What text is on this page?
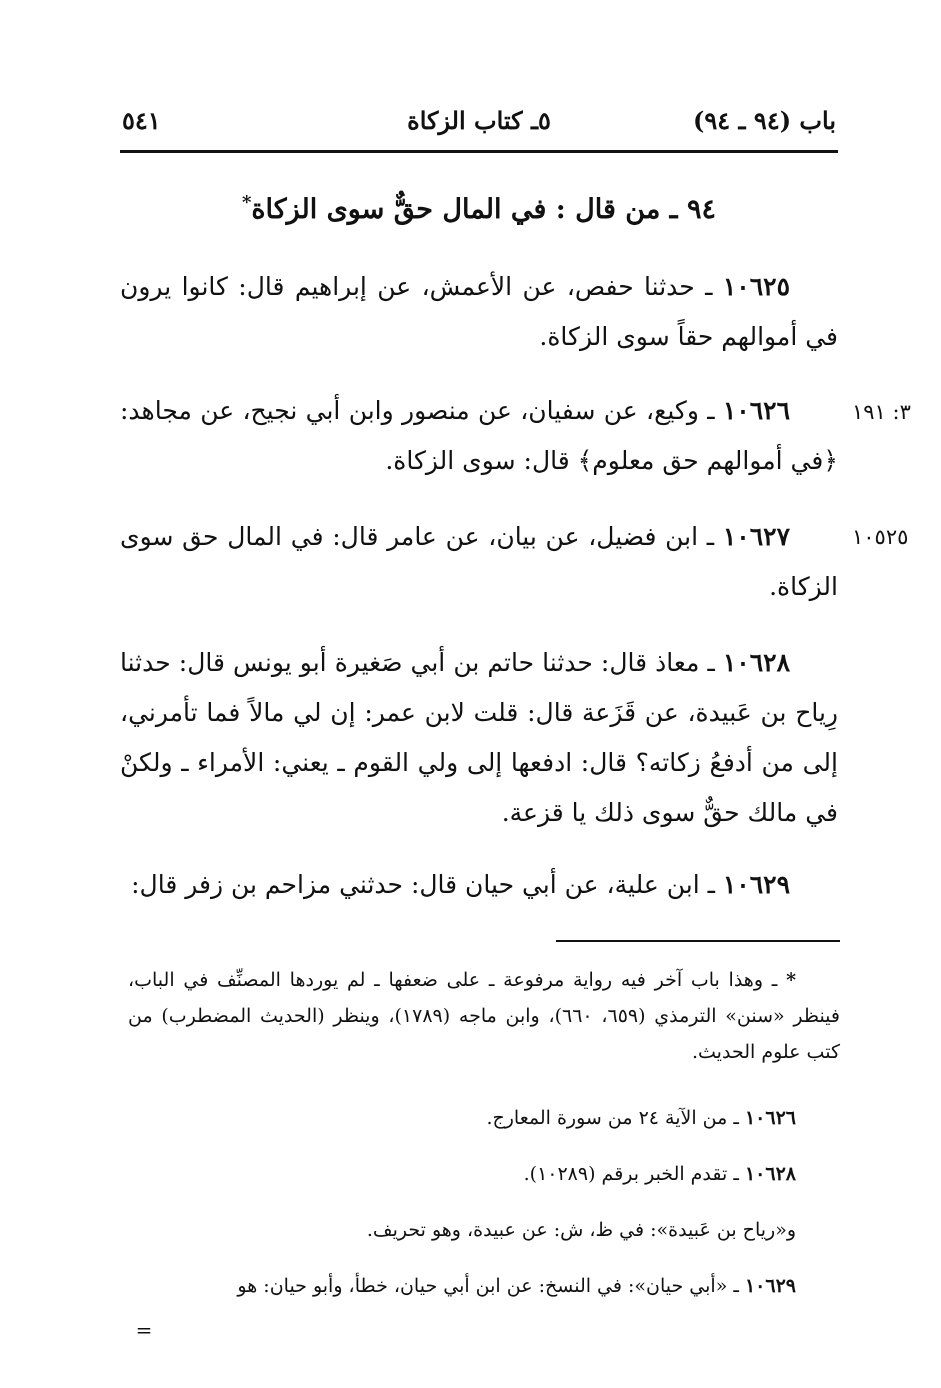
باب (٩٤ ـ ٩٤)
٥ـ كتاب الزكاة
٥٤١
٩٤ ـ من قال : في المال حقٌّ سوى الزكاة*
١٠٦٢٥ ـ حدثنا حفص، عن الأعمش، عن إبراهيم قال: كانوا يرون في أموالهم حقاً سوى الزكاة.
٣: ١٩١
١٠٦٢٦ ـ وكيع، عن سفيان، عن منصور وابن أبي نجيح، عن مجاهد: ﴿في أموالهم حق معلوم﴾ قال: سوى الزكاة.
١٠٥٢٥
١٠٦٢٧ ـ ابن فضيل، عن بيان، عن عامر قال: في المال حق سوى الزكاة.
١٠٦٢٨ ـ معاذ قال: حدثنا حاتم بن أبي صَغيرة أبو يونس قال: حدثنا رِياح بن عَبيدة، عن قَزَعة قال: قلت لابن عمر: إن لي مالاً فما تأمرني، إلى من أدفعُ زكاته؟ قال: ادفعها إلى ولي القوم ـ يعني: الأمراء ـ ولكنْ في مالك حقٌّ سوى ذلك يا قزعة.
١٠٦٢٩ ـ ابن علية، عن أبي حيان قال: حدثني مزاحم بن زفر قال:
* ـ وهذا باب آخر فيه رواية مرفوعة ـ على ضعفها ـ لم يوردها المصنِّف في الباب، فينظر «سنن» الترمذي (٦٥٩، ٦٦٠)، وابن ماجه (١٧٨٩)، وينظر (الحديث المضطرب) من كتب علوم الحديث.
١٠٦٢٦ ـ من الآية ٢٤ من سورة المعارج.
١٠٦٢٨ ـ تقدم الخبر برقم (١٠٢٨٩).
و«رياح بن عَبيدة»: في ظ، ش: عن عبيدة، وهو تحريف.
١٠٦٢٩ ـ «أبي حيان»: في النسخ: عن ابن أبي حيان، خطأ، وأبو حيان: هو
=
